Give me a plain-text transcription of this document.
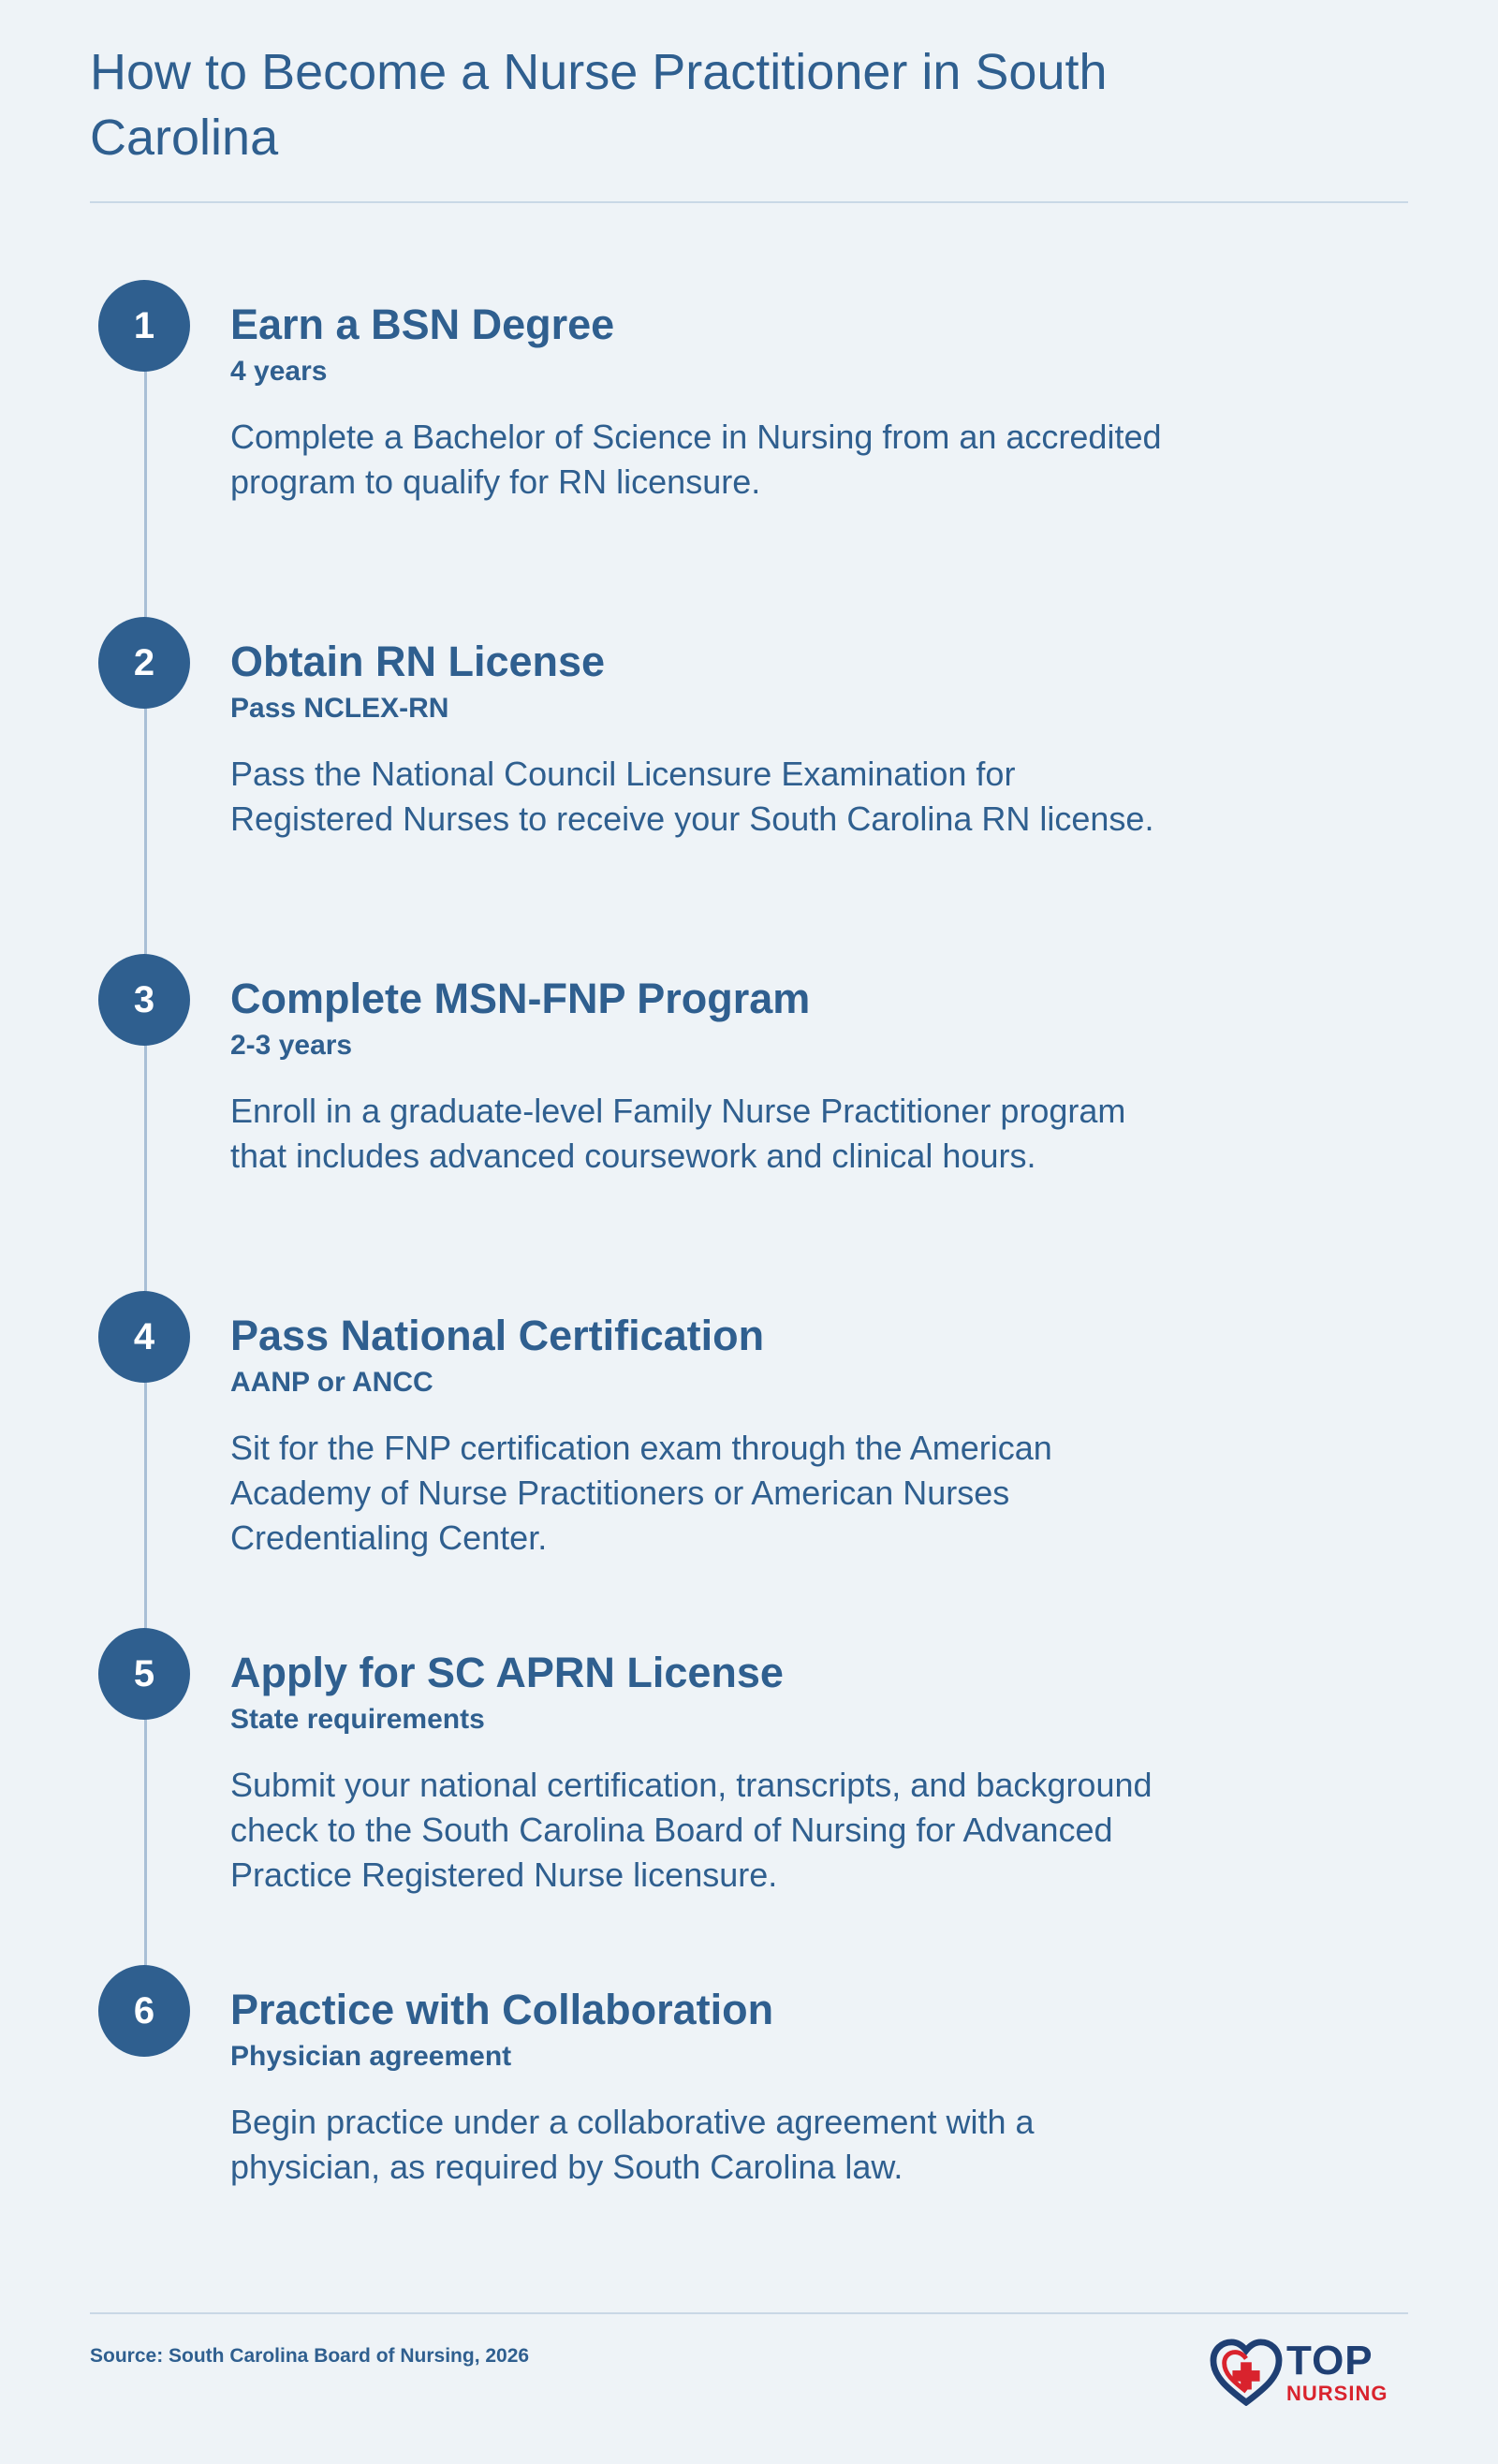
How to Become a Nurse Practitioner in South Carolina
1	Earn a BSN Degree

4 years

Complete a Bachelor of Science in Nursing from an accredited program to qualify for RN licensure.

2	Obtain RN License

Pass NCLEX-RN

Pass the National Council Licensure Examination for Registered Nurses to receive your South Carolina RN license.

3	Complete MSN-FNP Program

2-3 years

Enroll in a graduate-level Family Nurse Practitioner program that includes advanced coursework and clinical hours.

4	Pass National Certification

AANP or ANCC

Sit for the FNP certification exam through the American Academy of Nurse Practitioners or American Nurses Credentialing Center.

5	Apply for SC APRN License

State requirements

Submit your national certification, transcripts, and background check to the South Carolina Board of Nursing for Advanced Practice Registered Nurse licensure.

6	Practice with Collaboration

Physician agreement

Begin practice under a collaborative agreement with a physician, as required by South Carolina law.

Source: South Carolina Board of Nursing, 2026	TOP
NURSING
